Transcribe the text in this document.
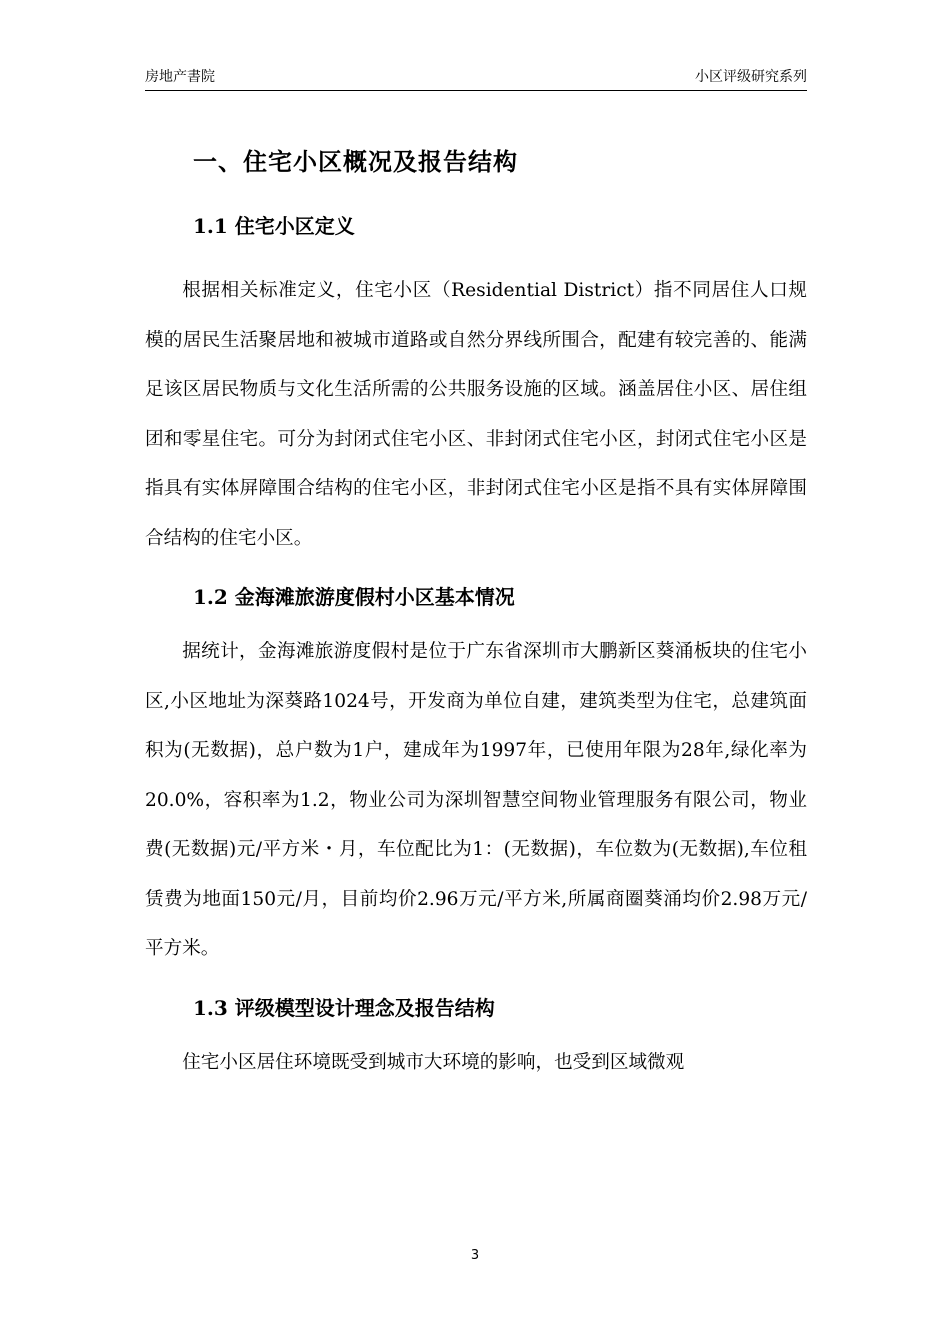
房地产書院	小区评级研究系列
一、住宅小区概况及报告结构
1.1 住宅小区定义

根据相关标准定义，住宅小区（Residential District）指不同居住人口规模的居民生活聚居地和被城市道路或自然分界线所围合，配建有较完善的、能满足该区居民物质与文化生活所需的公共服务设施的区域。涵盖居住小区、居住组团和零星住宅。可分为封闭式住宅小区、非封闭式住宅小区，封闭式住宅小区是指具有实体屏障围合结构的住宅小区，非封闭式住宅小区是指不具有实体屏障围合结构的住宅小区。

1.2 金海滩旅游度假村小区基本情况

据统计，金海滩旅游度假村是位于广东省深圳市大鹏新区葵涌板块的住宅小区,小区地址为深葵路1024号，开发商为单位自建，建筑类型为住宅，总建筑面积为(无数据)，总户数为1户，建成年为1997年，已使用年限为28年,绿化率为20.0%，容积率为1.2，物业公司为深圳智慧空间物业管理服务有限公司，物业费(无数据)元/平方米・月，车位配比为1：(无数据)，车位数为(无数据),车位租赁费为地面150元/月，目前均价2.96万元/平方米,所属商圈葵涌均价2.98万元/平方米。

1.3 评级模型设计理念及报告结构

住宅小区居住环境既受到城市大环境的影响，也受到区域微观

3
